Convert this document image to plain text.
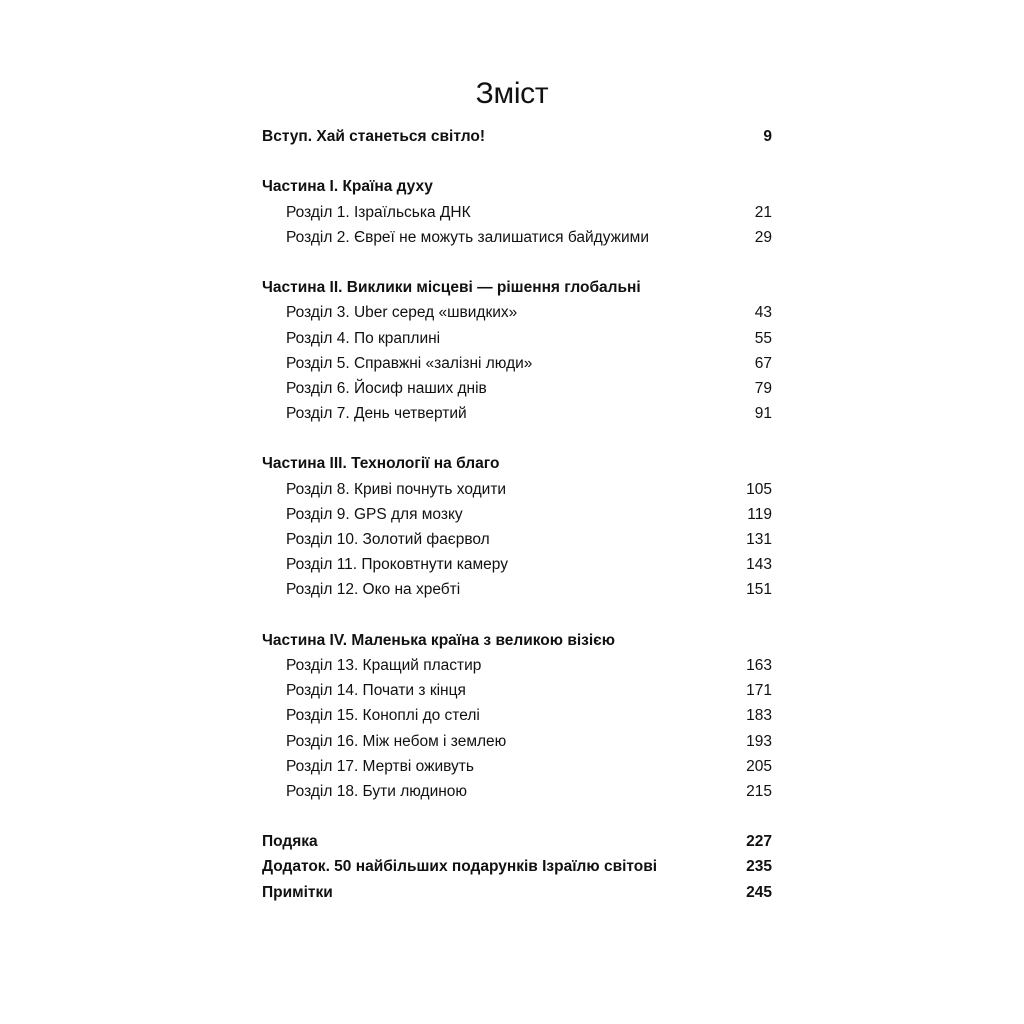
Зміст
Вступ. Хай станеться світло!	9
Частина I. Країна духу
Розділ 1. Ізраїльська ДНК	21
Розділ 2. Євреї не можуть залишатися байдужими	29
Частина II. Виклики місцеві — рішення глобальні
Розділ 3. Uber серед «швидких»	43
Розділ 4. По краплині	55
Розділ 5. Справжні «залізні люди»	67
Розділ 6. Йосиф наших днів	79
Розділ 7. День четвертий	91
Частина III. Технології на благо
Розділ 8. Криві почнуть ходити	105
Розділ 9. GPS для мозку	119
Розділ 10. Золотий фаєрвол	131
Розділ 11. Проковтнути камеру	143
Розділ 12. Око на хребті	151
Частина IV. Маленька країна з великою візією
Розділ 13. Кращий пластир	163
Розділ 14. Почати з кінця	171
Розділ 15. Коноплі до стелі	183
Розділ 16. Між небом і землею	193
Розділ 17. Мертві оживуть	205
Розділ 18. Бути людиною	215
Подяка	227
Додаток. 50 найбільших подарунків Ізраїлю світові	235
Примітки	245
